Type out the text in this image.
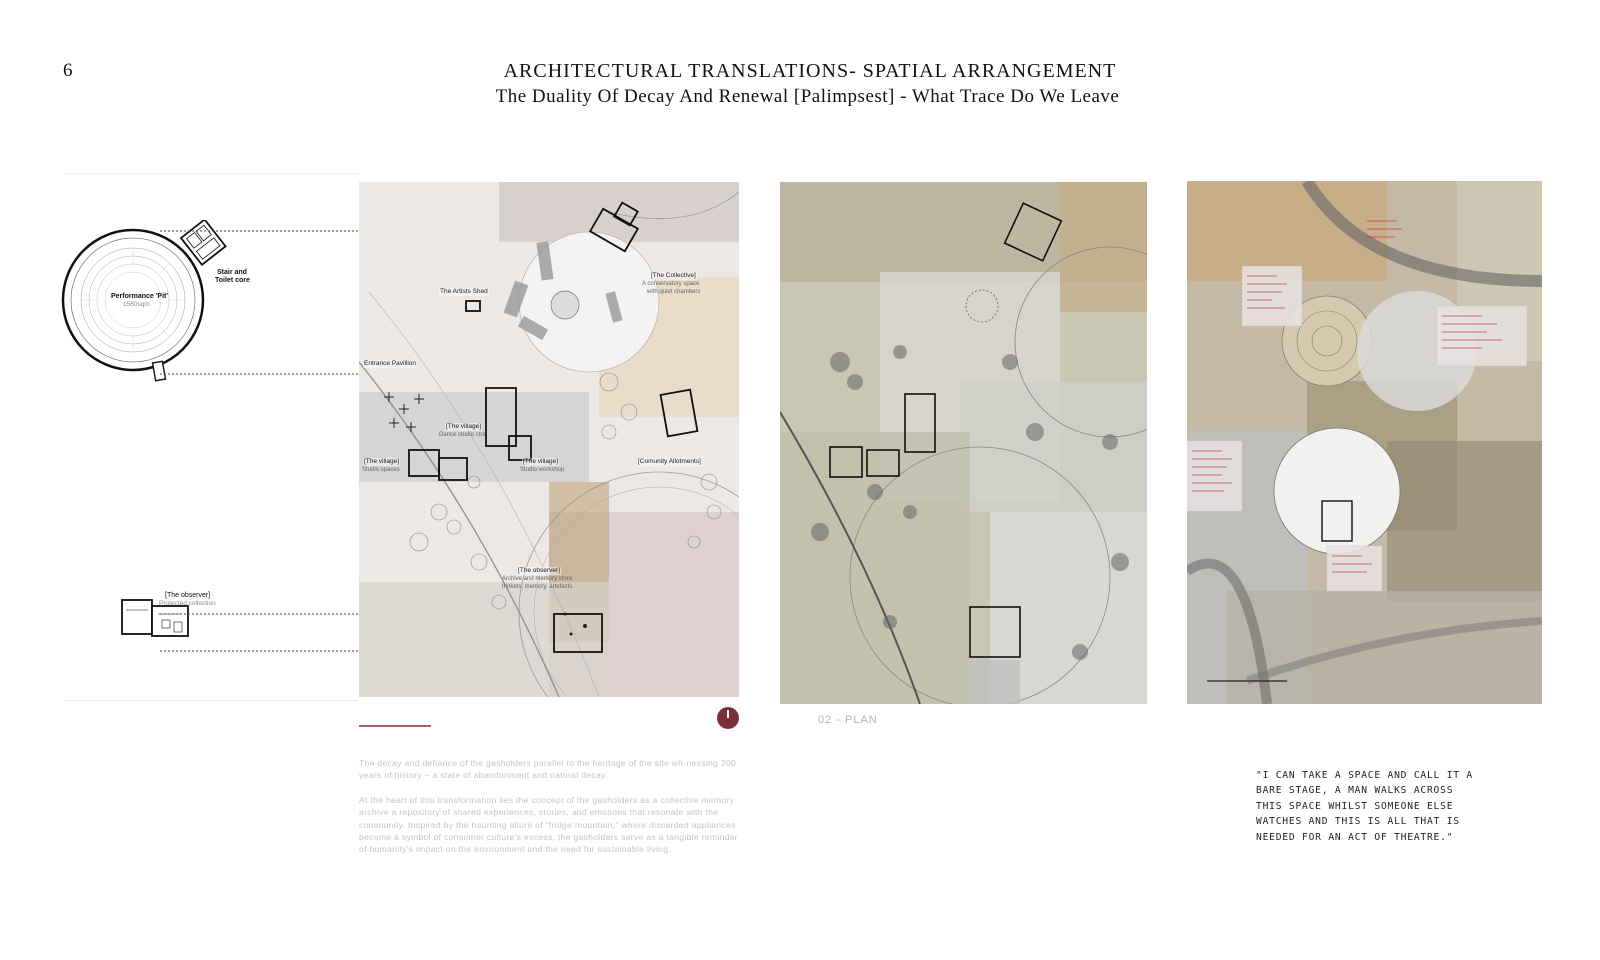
6	ARCHITECTURAL TRANSLATIONS- SPATIAL ARRANGEMENT
The Duality Of Decay And Renewal [Palimpsest] - What Trace Do We Leave
Performance 'Pit'
1560sqm
Stair and
Toilet core
[The observer]
Protected collection
The Artists Shed
[The Collective]
A conservatory space
with quiet chambers
Entrance Pavillion
[The village]
Dance studio ctre
[The village]
Studio spaces
[The village]
Studio workshop
[Comunity Allotments]
[The observer]
Archive and memory store
trinkets, memory, artefacts
02 - PLAN
The decay and defiance of the gasholders parallel to the heritage of the site wit-nessing 200 years of history – a state of abandonment and natural decay.
At the heart of this transformation lies the concept of the gasholders as a collective memory archive a repository of shared experiences, stories, and emotions that resonate with the community. Inspired by the haunting allure of "fridge mountain," where discarded appliances become a symbol of consumer culture's excess, the gasholders serve as a tangible reminder of humanity's impact on the environment and the need for sustainable living.
"I CAN TAKE A SPACE AND CALL IT A BARE STAGE, A MAN WALKS ACROSS THIS SPACE WHILST SOMEONE ELSE WATCHES AND THIS IS ALL THAT IS NEEDED FOR AN ACT OF THEATRE."
